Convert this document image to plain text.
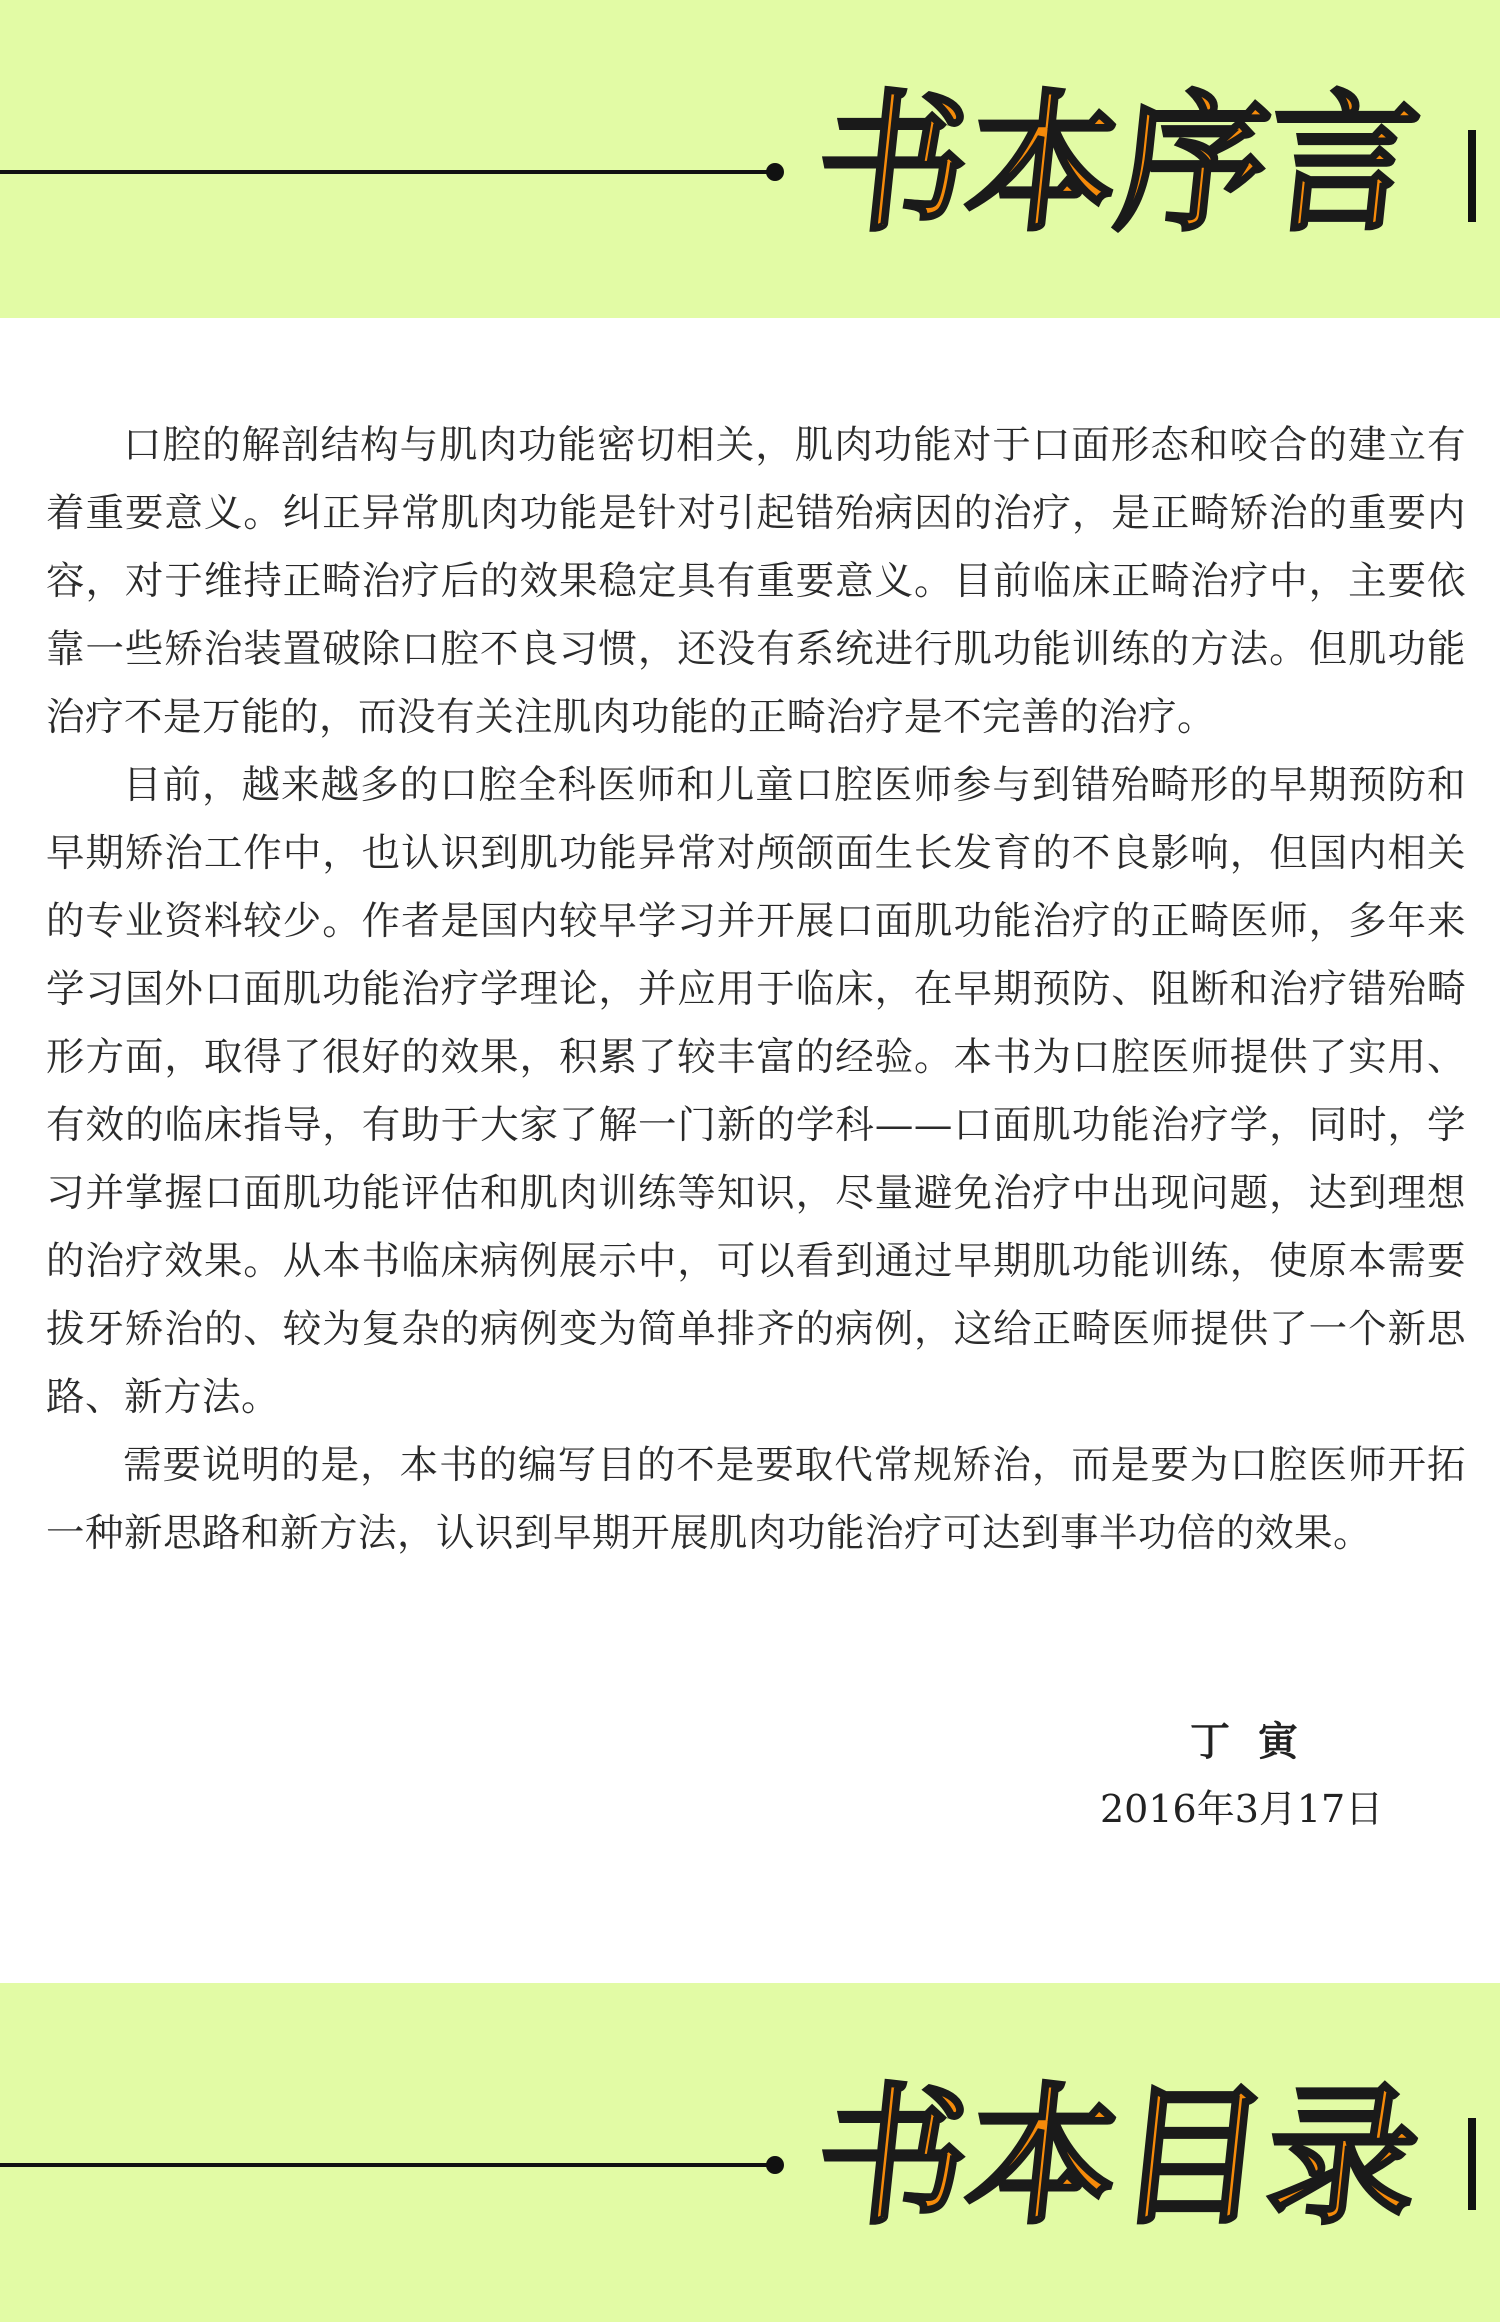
书本序言

口腔的解剖结构与肌肉功能密切相关，肌肉功能对于口面形态和咬合的建立有着重要意义。纠正异常肌肉功能是针对引起错殆病因的治疗，是正畸矫治的重要内容，对于维持正畸治疗后的效果稳定具有重要意义。目前临床正畸治疗中，主要依靠一些矫治装置破除口腔不良习惯，还没有系统进行肌功能训练的方法。但肌功能治疗不是万能的，而没有关注肌肉功能的正畸治疗是不完善的治疗。

目前，越来越多的口腔全科医师和儿童口腔医师参与到错殆畸形的早期预防和早期矫治工作中，也认识到肌功能异常对颅颌面生长发育的不良影响，但国内相关的专业资料较少。作者是国内较早学习并开展口面肌功能治疗的正畸医师，多年来学习国外口面肌功能治疗学理论，并应用于临床，在早期预防、阻断和治疗错殆畸形方面，取得了很好的效果，积累了较丰富的经验。本书为口腔医师提供了实用、有效的临床指导，有助于大家了解一门新的学科——口面肌功能治疗学，同时，学习并掌握口面肌功能评估和肌肉训练等知识，尽量避免治疗中出现问题，达到理想的治疗效果。从本书临床病例展示中，可以看到通过早期肌功能训练，使原本需要拔牙矫治的、较为复杂的病例变为简单排齐的病例，这给正畸医师提供了一个新思路、新方法。

需要说明的是，本书的编写目的不是要取代常规矫治，而是要为口腔医师开拓一种新思路和新方法，认识到早期开展肌肉功能治疗可达到事半功倍的效果。

丁寅
2016年3月17日
书本目录
